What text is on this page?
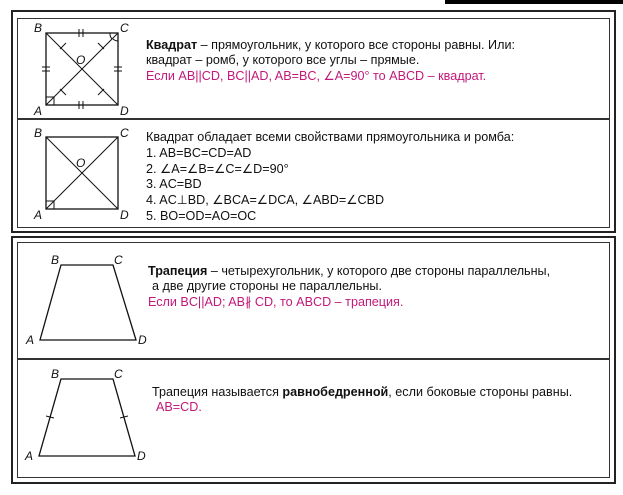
B	C
A	D
O
Квадрат – прямоугольник, у которого все стороны равны. Или:
квадрат – ромб, у которого все углы – прямые.
Если AB||CD, BC||AD, AB=BC, ∠A=90° то ABCD – квадрат.
B	C
A	D
O
Квадрат обладает всеми свойствами прямоугольника и ромба:
1. AB=BC=CD=AD
2. ∠A=∠B=∠C=∠D=90°
3. AC=BD
4. AC⊥BD, ∠BCA=∠DCA, ∠ABD=∠CBD
5. BO=OD=AO=OC
B	C
A	D
Трапеция – четырехугольник, у которого две стороны параллельны,
а две другие стороны не параллельны.
Если BC||AD; AB∦ CD, то ABCD – трапеция.
B	C
A	D
Трапеция называется равнобедренной, если боковые стороны равны.
AB=CD.
